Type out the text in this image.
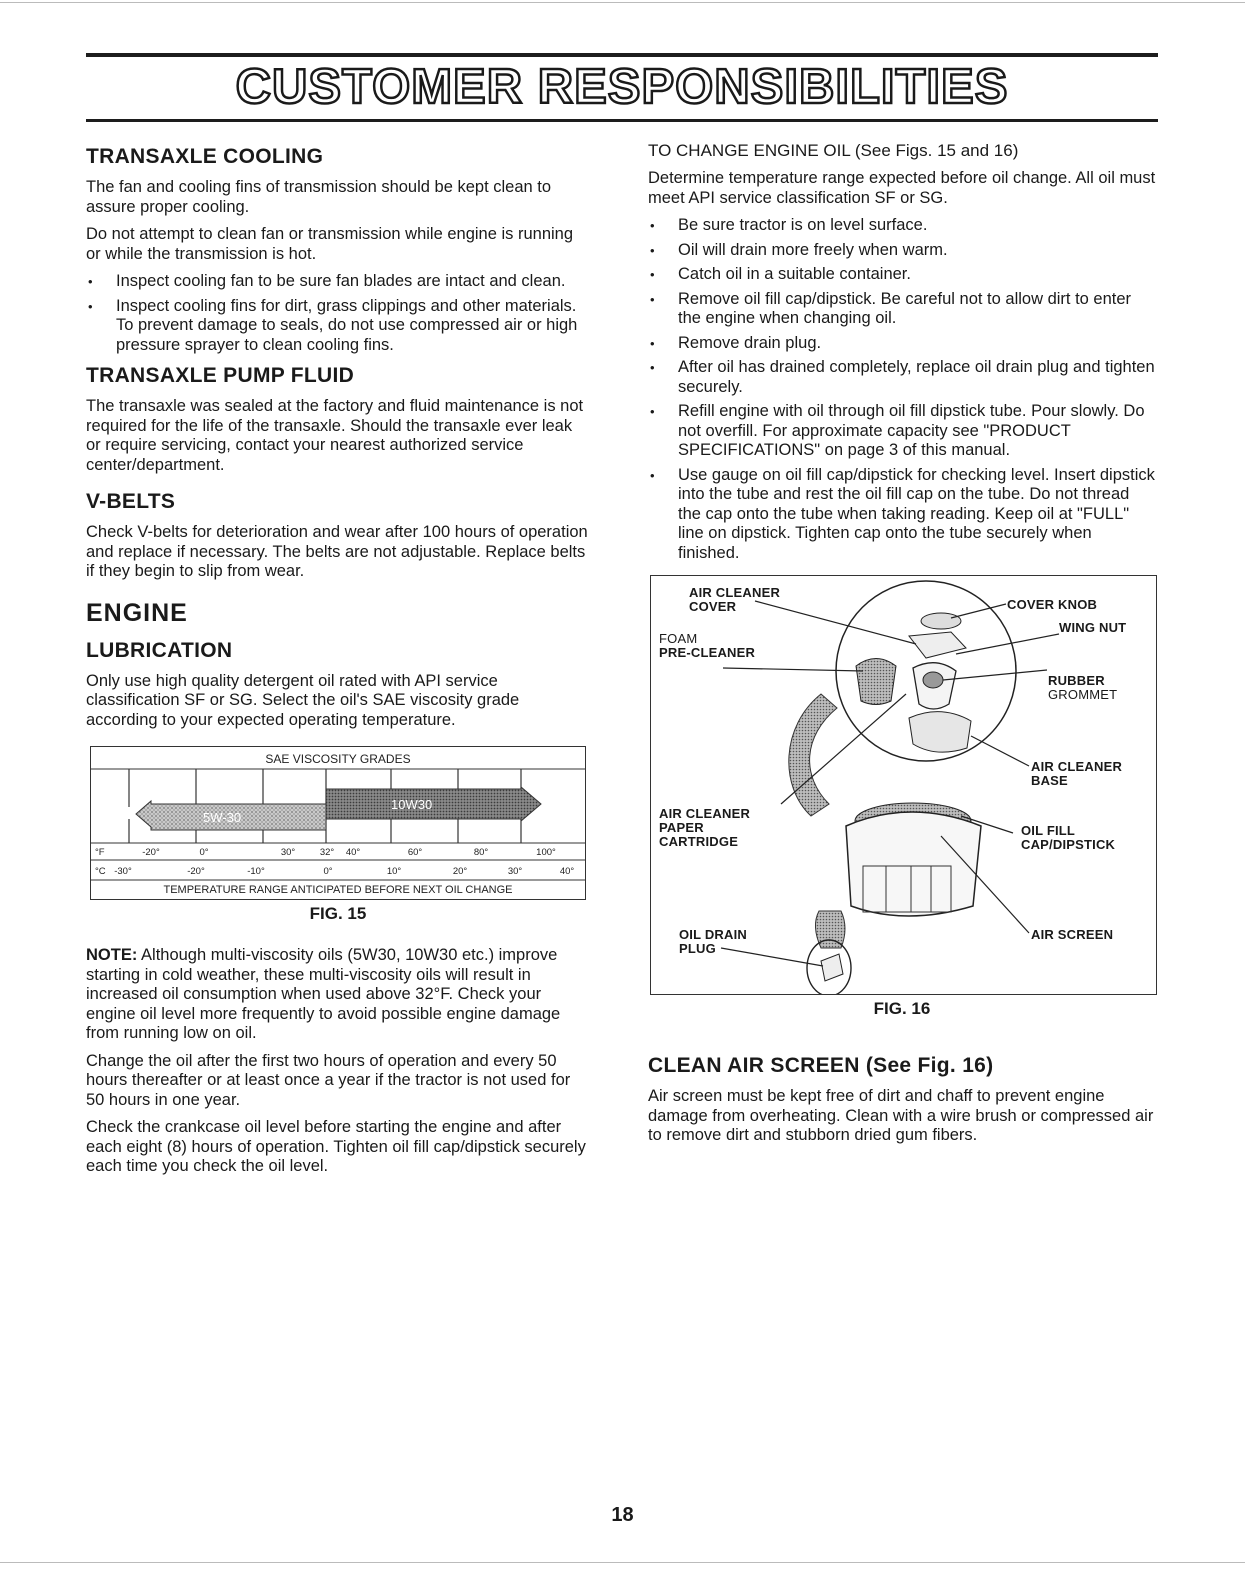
CUSTOMER RESPONSIBILITIES
TRANSAXLE COOLING

The fan and cooling fins of transmission should be kept clean to assure proper cooling.

Do not attempt to clean fan or transmission while engine is running or while the transmission is hot.

• Inspect cooling fan to be sure fan blades are intact and clean.
• Inspect cooling fins for dirt, grass clippings and other materials. To prevent damage to seals, do not use compressed air or high pressure sprayer to clean cooling fins.
TRANSAXLE PUMP FLUID

The transaxle was sealed at the factory and fluid maintenance is not required for the life of the transaxle. Should the transaxle ever leak or require servicing, contact your nearest authorized service center/department.

V-BELTS

Check V-belts for deterioration and wear after 100 hours of operation and replace if necessary. The belts are not adjustable. Replace belts if they begin to slip from wear.

ENGINE
LUBRICATION

Only use high quality detergent oil rated with API service classification SF or SG. Select the oil's SAE viscosity grade according to your expected operating temperature.

SAE VISCOSITY GRADES
10W30
5W-30
°F	-20°	0°	30°	32° 40°	60°	80°	100°
°C -30°	-20°	-10°	0°	10°	20°	30°	40°
TEMPERATURE RANGE ANTICIPATED BEFORE NEXT OIL CHANGE
FIG. 15

NOTE: Although multi-viscosity oils (5W30, 10W30 etc.) improve starting in cold weather, these multi-viscosity oils will result in increased oil consumption when used above 32°F. Check your engine oil level more frequently to avoid possible engine damage from running low on oil.

Change the oil after the first two hours of operation and every 50 hours thereafter or at least once a year if the tractor is not used for 50 hours in one year.

Check the crankcase oil level before starting the engine and after each eight (8) hours of operation. Tighten oil fill cap/dipstick securely each time you check the oil level.

TO CHANGE ENGINE OIL (See Figs. 15 and 16)

Determine temperature range expected before oil change. All oil must meet API service classification SF or SG.

• Be sure tractor is on level surface.
• Oil will drain more freely when warm.
• Catch oil in a suitable container.
• Remove oil fill cap/dipstick. Be careful not to allow dirt to enter the engine when changing oil.
• Remove drain plug.
• After oil has drained completely, replace oil drain plug and tighten securely.
• Refill engine with oil through oil fill dipstick tube. Pour slowly. Do not overfill. For approximate capacity see "PRODUCT SPECIFICATIONS" on page 3 of this manual.
• Use gauge on oil fill cap/dipstick for checking level. Insert dipstick into the tube and rest the oil fill cap on the tube. Do not thread the cap onto the tube when taking reading. Keep oil at "FULL" line on dipstick. Tighten cap onto the tube securely when finished.
AIR CLEANER
COVER	COVER KNOB
WING NUT
FOAM
PRE-CLEANER
RUBBER
GROMMET
AIR CLEANER
BASE
AIR CLEANER
PAPER
CARTRIDGE
OIL FILL
CAP/DIPSTICK
OIL DRAIN
PLUG
AIR SCREEN
FIG. 16
CLEAN AIR SCREEN (See Fig. 16)

Air screen must be kept free of dirt and chaff to prevent engine damage from overheating. Clean with a wire brush or compressed air to remove dirt and stubborn dried gum fibers.

18
